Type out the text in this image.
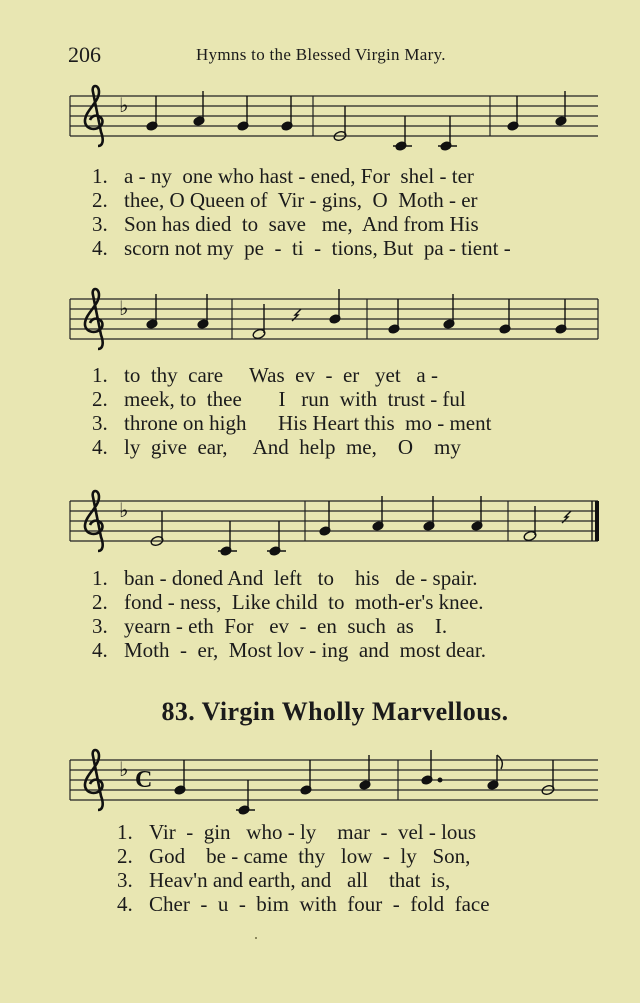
206	Hymns to the Blessed Virgin Mary.
♭
1. a - ny  one who hast - ened, For  shel - ter
2. thee, O Queen of  Vir - gins,  O  Moth - er
3. Son has died  to  save   me,  And from His
4. scorn not my  pe  -  ti  -  tions, But  pa - tient -
♭
1. to  thy  care     Was  ev  -  er   yet   a -
2. meek, to  thee       I   run  with  trust - ful
3. throne on high      His Heart this  mo - ment
4. ly  give  ear,     And  help  me,    O    my
♭
1. ban - doned And  left   to    his   de - spair.
2. fond - ness,  Like child  to  moth-er's knee.
3. yearn - eth  For   ev  -  en  such  as    I.
4. Moth  -  er,  Most lov - ing  and  most dear.
83. Virgin Wholly Marvellous.
♭ C
1. Vir  -  gin   who - ly    mar  -  vel - lous
2. God    be - came  thy   low  -  ly   Son,
3. Heav'n and earth, and   all    that  is,
4. Cher  -  u  -  bim  with  four  -  fold  face
